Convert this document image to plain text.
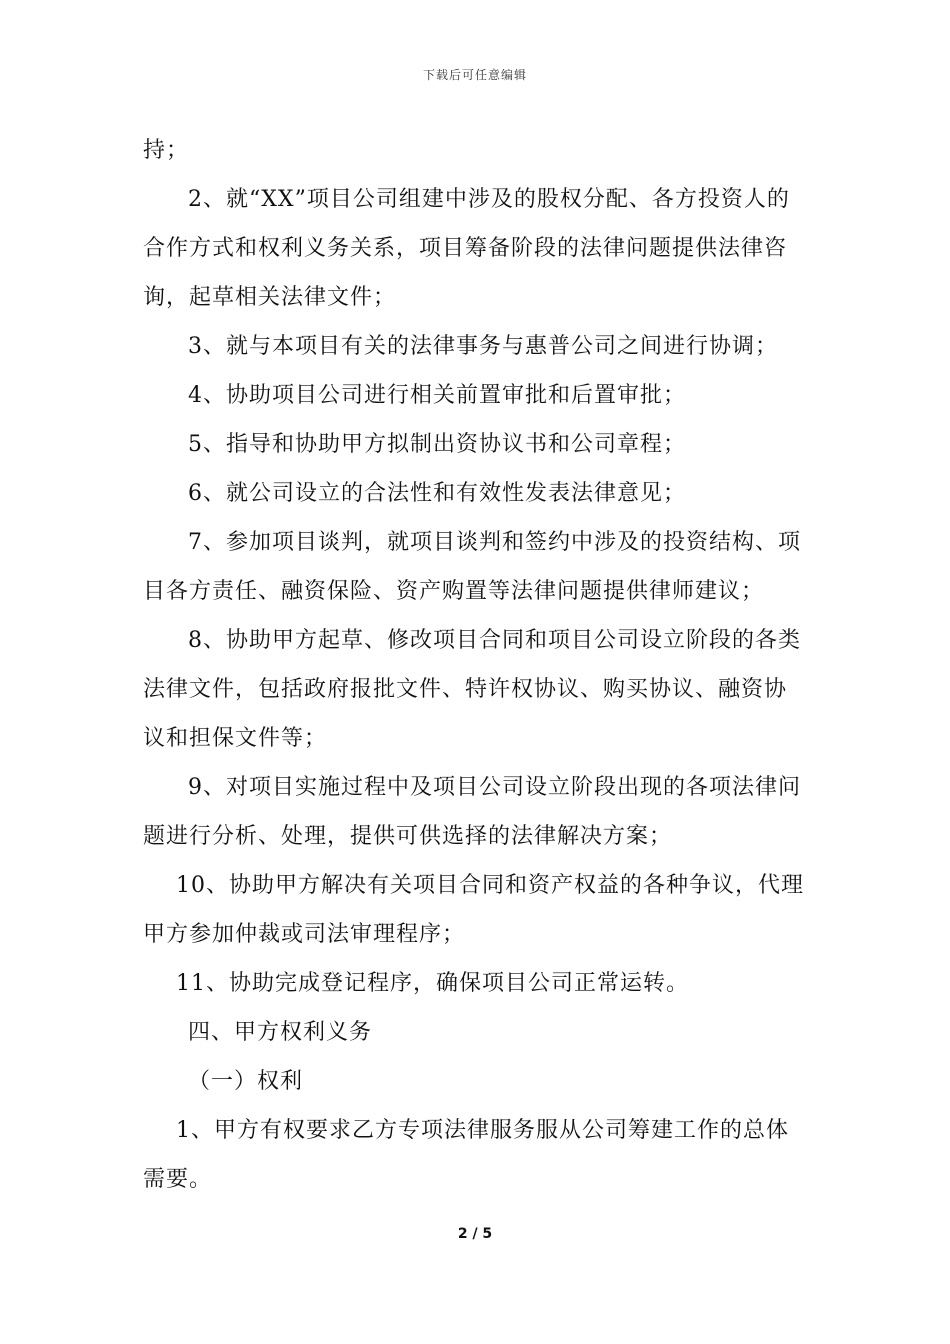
下载后可任意编辑

持；

2、就“XX”项目公司组建中涉及的股权分配、各方投资人的合作方式和权利义务关系，项目筹备阶段的法律问题提供法律咨询，起草相关法律文件；

3、就与本项目有关的法律事务与惠普公司之间进行协调；

4、协助项目公司进行相关前置审批和后置审批；

5、指导和协助甲方拟制出资协议书和公司章程；

6、就公司设立的合法性和有效性发表法律意见；

7、参加项目谈判，就项目谈判和签约中涉及的投资结构、项目各方责任、融资保险、资产购置等法律问题提供律师建议；

8、协助甲方起草、修改项目合同和项目公司设立阶段的各类法律文件，包括政府报批文件、特许权协议、购买协议、融资协议和担保文件等；

9、对项目实施过程中及项目公司设立阶段出现的各项法律问题进行分析、处理，提供可供选择的法律解决方案；

10、协助甲方解决有关项目合同和资产权益的各种争议，代理甲方参加仲裁或司法审理程序；

11、协助完成登记程序，确保项目公司正常运转。

四、甲方权利义务

（一）权利

1、甲方有权要求乙方专项法律服务服从公司筹建工作的总体需要。

2 / 5
